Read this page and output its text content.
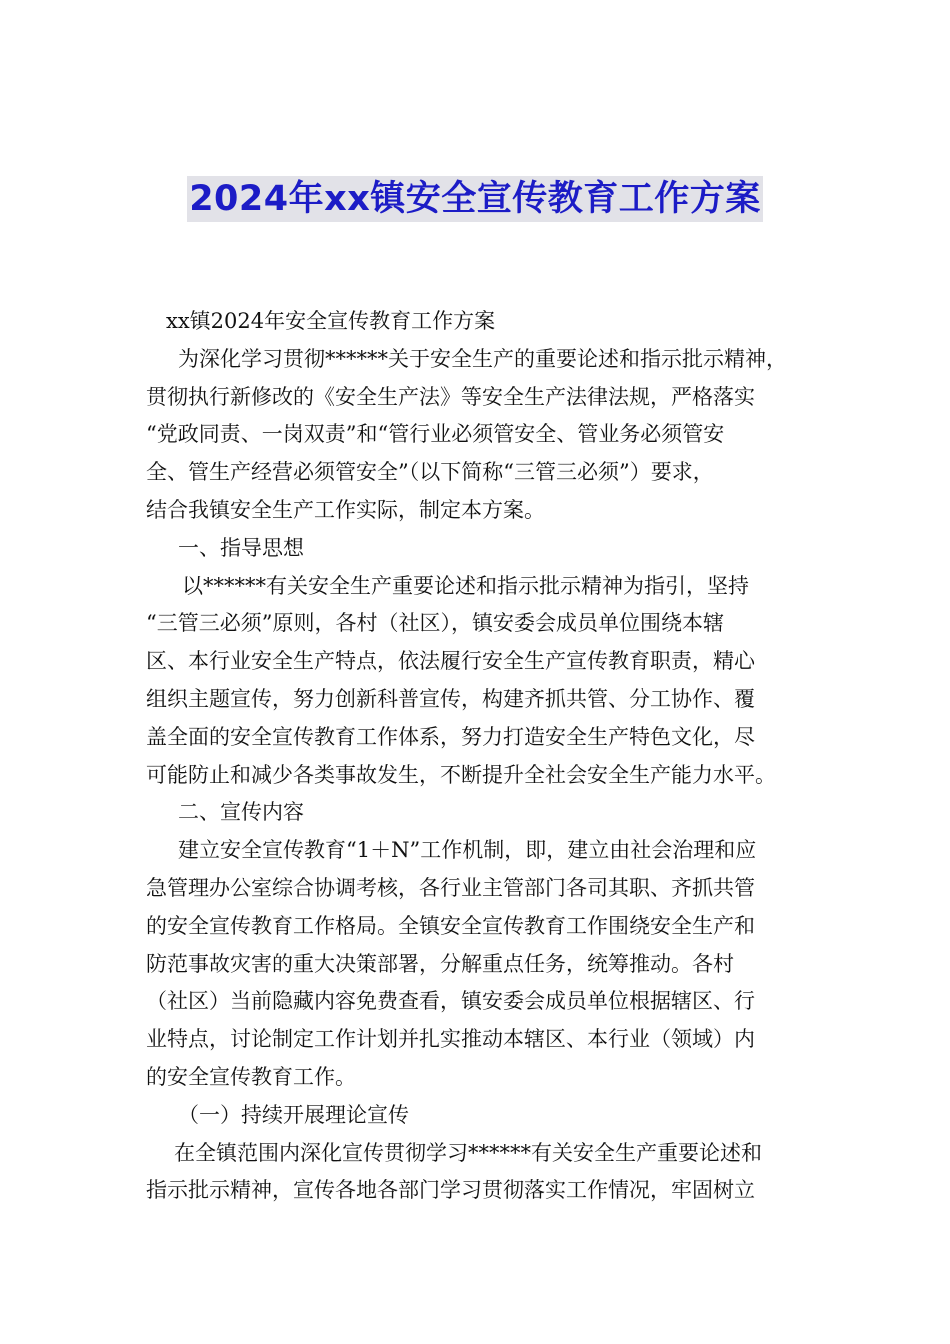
2024年xx镇安全宣传教育工作方案
xx镇2024年安全宣传教育工作方案
为深化学习贯彻******关于安全生产的重要论述和指示批示精神，
贯彻执行新修改的《安全生产法》等安全生产法律法规，严格落实
“党政同责、一岗双责”和“管行业必须管安全、管业务必须管安
全、管生产经营必须管安全”（以下简称“三管三必须”）要求，
结合我镇安全生产工作实际，制定本方案。
一、指导思想
以******有关安全生产重要论述和指示批示精神为指引，坚持
“三管三必须”原则，各村（社区），镇安委会成员单位围绕本辖
区、本行业安全生产特点，依法履行安全生产宣传教育职责，精心
组织主题宣传，努力创新科普宣传，构建齐抓共管、分工协作、覆
盖全面的安全宣传教育工作体系，努力打造安全生产特色文化，尽
可能防止和减少各类事故发生，不断提升全社会安全生产能力水平。
二、宣传内容
建立安全宣传教育“1＋N”工作机制，即，建立由社会治理和应
急管理办公室综合协调考核，各行业主管部门各司其职、齐抓共管
的安全宣传教育工作格局。全镇安全宣传教育工作围绕安全生产和
防范事故灾害的重大决策部署，分解重点任务，统筹推动。各村
（社区）当前隐藏内容免费查看，镇安委会成员单位根据辖区、行
业特点，讨论制定工作计划并扎实推动本辖区、本行业（领域）内
的安全宣传教育工作。
（一）持续开展理论宣传
在全镇范围内深化宣传贯彻学习******有关安全生产重要论述和
指示批示精神，宣传各地各部门学习贯彻落实工作情况，牢固树立
